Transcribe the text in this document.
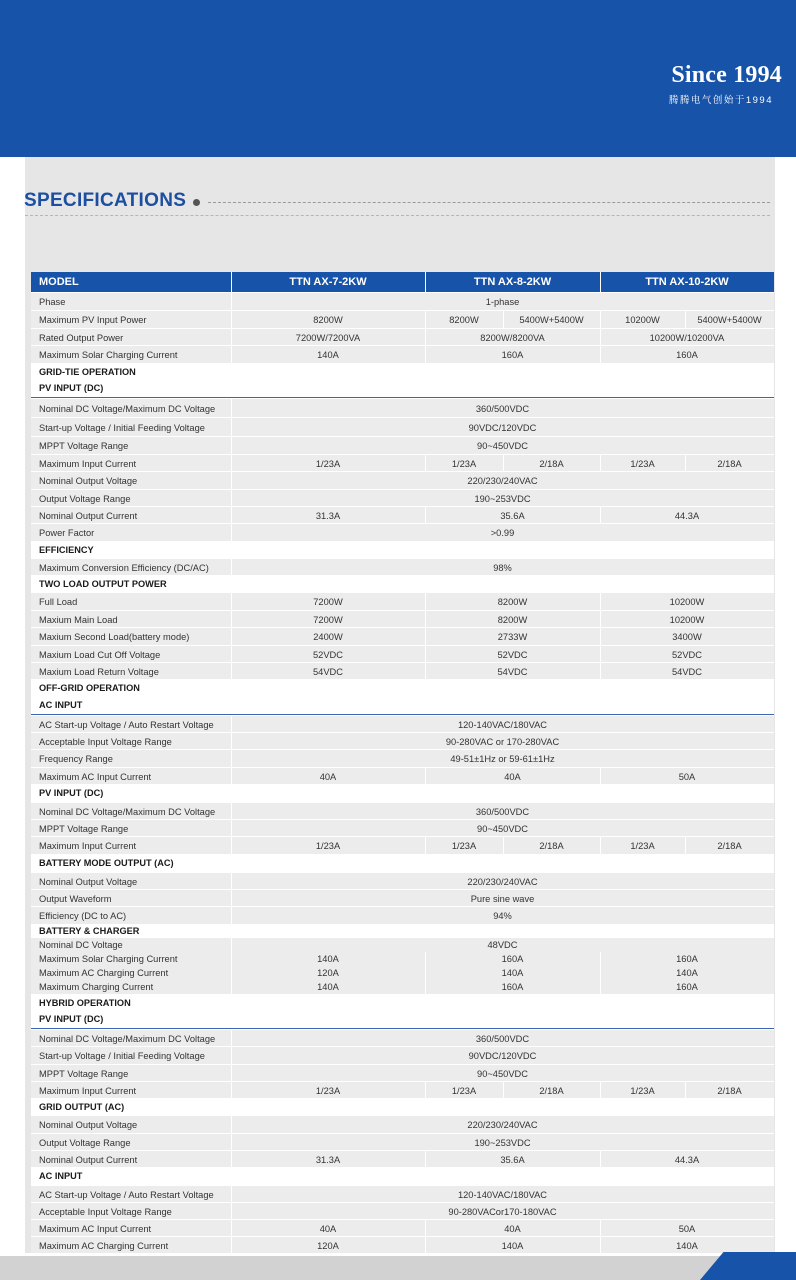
Since 1994
腾腾电气创始于1994
SPECIFICATIONS
MODEL	TTN AX-7-2KW	TTN AX-8-2KW	TTN AX-10-2KW
Phase	1-phase
Maximum PV Input Power	8200W	8200W	5400W+5400W	10200W	5400W+5400W
Rated Output Power	7200W/7200VA	8200W/8200VA	10200W/10200VA
Maximum Solar Charging Current	140A	160A	160A
GRID-TIE OPERATION
PV INPUT (DC)
Nominal DC Voltage/Maximum DC Voltage	360/500VDC
Start-up Voltage / Initial Feeding Voltage	90VDC/120VDC
MPPT Voltage Range	90~450VDC
Maximum Input Current	1/23A	1/23A	2/18A	1/23A	2/18A
Nominal Output Voltage	220/230/240VAC
Output Voltage Range	190~253VDC
Nominal Output Current	31.3A	35.6A	44.3A
Power Factor	>0.99
EFFICIENCY
Maximum Conversion Efficiency (DC/AC)	98%
TWO LOAD OUTPUT POWER
Full Load	7200W	8200W	10200W
Maxium Main Load	7200W	8200W	10200W
Maxium Second Load(battery mode)	2400W	2733W	3400W
Maxium Load Cut Off Voltage	52VDC	52VDC	52VDC
Maxium Load Return Voltage	54VDC	54VDC	54VDC
OFF-GRID OPERATION
AC INPUT
AC Start-up Voltage / Auto Restart Voltage	120-140VAC/180VAC
Acceptable Input Voltage Range	90-280VAC or 170-280VAC
Frequency Range	49-51±1Hz or 59-61±1Hz
Maximum AC Input Current	40A	40A	50A
PV INPUT (DC)
Nominal DC Voltage/Maximum DC Voltage	360/500VDC
MPPT Voltage Range	90~450VDC
Maximum Input Current	1/23A	1/23A	2/18A	1/23A	2/18A
BATTERY MODE OUTPUT (AC)
Nominal Output Voltage	220/230/240VAC
Output Waveform	Pure sine wave
Efficiency (DC to AC)	94%
BATTERY & CHARGER
Nominal DC Voltage	48VDC
Maximum Solar Charging Current	140A	160A	160A
Maximum AC Charging Current	120A	140A	140A
Maximum Charging Current	140A	160A	160A
HYBRID OPERATION
PV INPUT (DC)
Nominal DC Voltage/Maximum DC Voltage	360/500VDC
Start-up Voltage / Initial Feeding Voltage	90VDC/120VDC
MPPT Voltage Range	90~450VDC
Maximum Input Current	1/23A	1/23A	2/18A	1/23A	2/18A
GRID OUTPUT (AC)
Nominal Output Voltage	220/230/240VAC
Output Voltage Range	190~253VDC
Nominal Output Current	31.3A	35.6A	44.3A
AC INPUT
AC Start-up Voltage / Auto Restart Voltage	120-140VAC/180VAC
Acceptable Input Voltage Range	90-280VACor170-180VAC
Maximum AC Input Current	40A	40A	50A
Maximum AC Charging Current	120A	140A	140A
